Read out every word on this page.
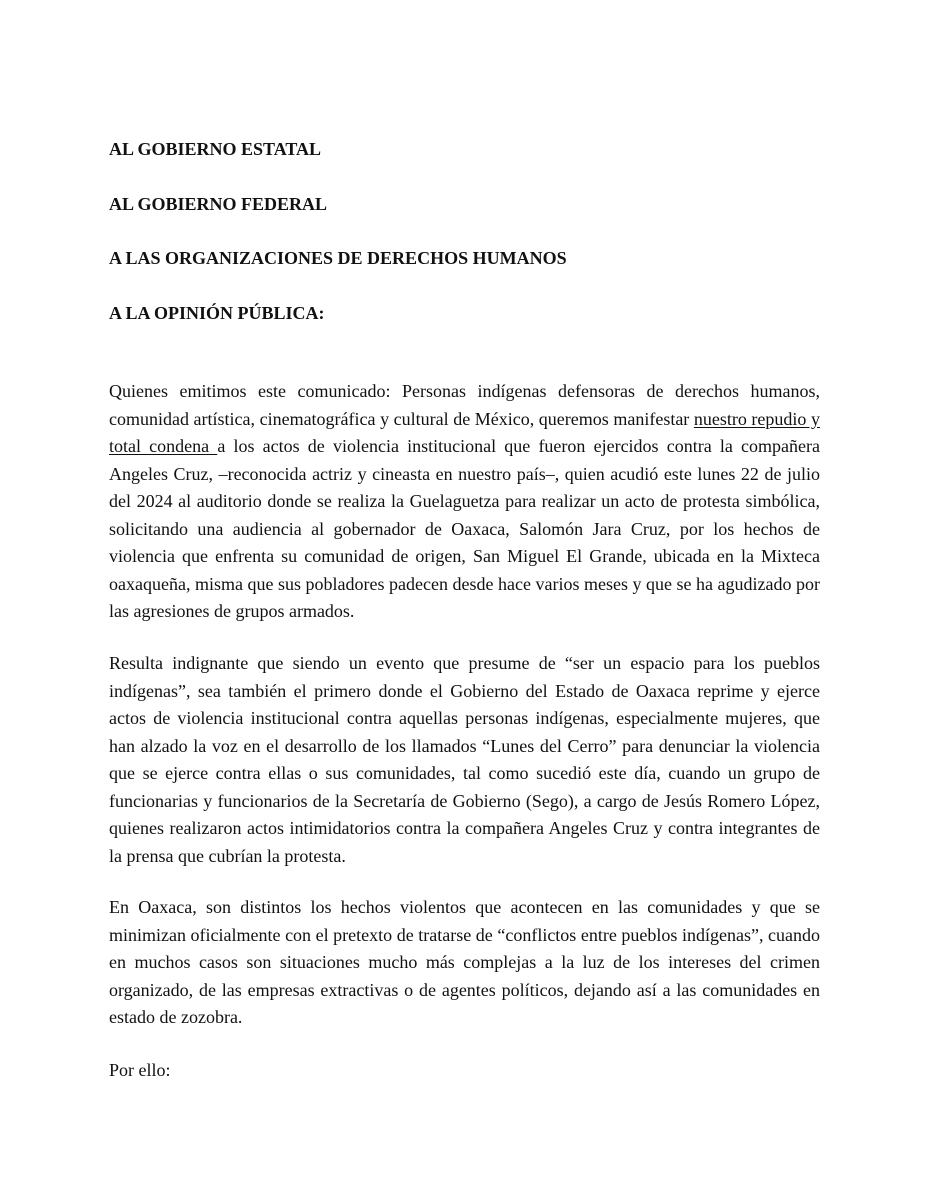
AL GOBIERNO ESTATAL
AL GOBIERNO FEDERAL
A LAS ORGANIZACIONES DE DERECHOS HUMANOS
A LA OPINIÓN PÚBLICA:

Quienes emitimos este comunicado: Personas indígenas defensoras de derechos humanos, comunidad artística, cinematográfica y cultural de México, queremos manifestar nuestro repudio y total condena a los actos de violencia institucional que fueron ejercidos contra la compañera Angeles Cruz, –reconocida actriz y cineasta en nuestro país–, quien acudió este lunes 22 de julio del 2024 al auditorio donde se realiza la Guelaguetza para realizar un acto de protesta simbólica, solicitando una audiencia al gobernador de Oaxaca, Salomón Jara Cruz, por los hechos de violencia que enfrenta su comunidad de origen, San Miguel El Grande, ubicada en la Mixteca oaxaqueña, misma que sus pobladores padecen desde hace varios meses y que se ha agudizado por las agresiones de grupos armados.

Resulta indignante que siendo un evento que presume de “ser un espacio para los pueblos indígenas”, sea también el primero donde el Gobierno del Estado de Oaxaca reprime y ejerce actos de violencia institucional contra aquellas personas indígenas, especialmente mujeres, que han alzado la voz en el desarrollo de los llamados “Lunes del Cerro” para denunciar la violencia que se ejerce contra ellas o sus comunidades, tal como sucedió este día, cuando un grupo de funcionarias y funcionarios de la Secretaría de Gobierno (Sego), a cargo de Jesús Romero López, quienes realizaron actos intimidatorios contra la compañera Angeles Cruz y contra integrantes de la prensa que cubrían la protesta.

En Oaxaca, son distintos los hechos violentos que acontecen en las comunidades y que se minimizan oficialmente con el pretexto de tratarse de “conflictos entre pueblos indígenas”, cuando en muchos casos son situaciones mucho más complejas a la luz de los intereses del crimen organizado, de las empresas extractivas o de agentes políticos, dejando así a las comunidades en estado de zozobra.

Por ello:
